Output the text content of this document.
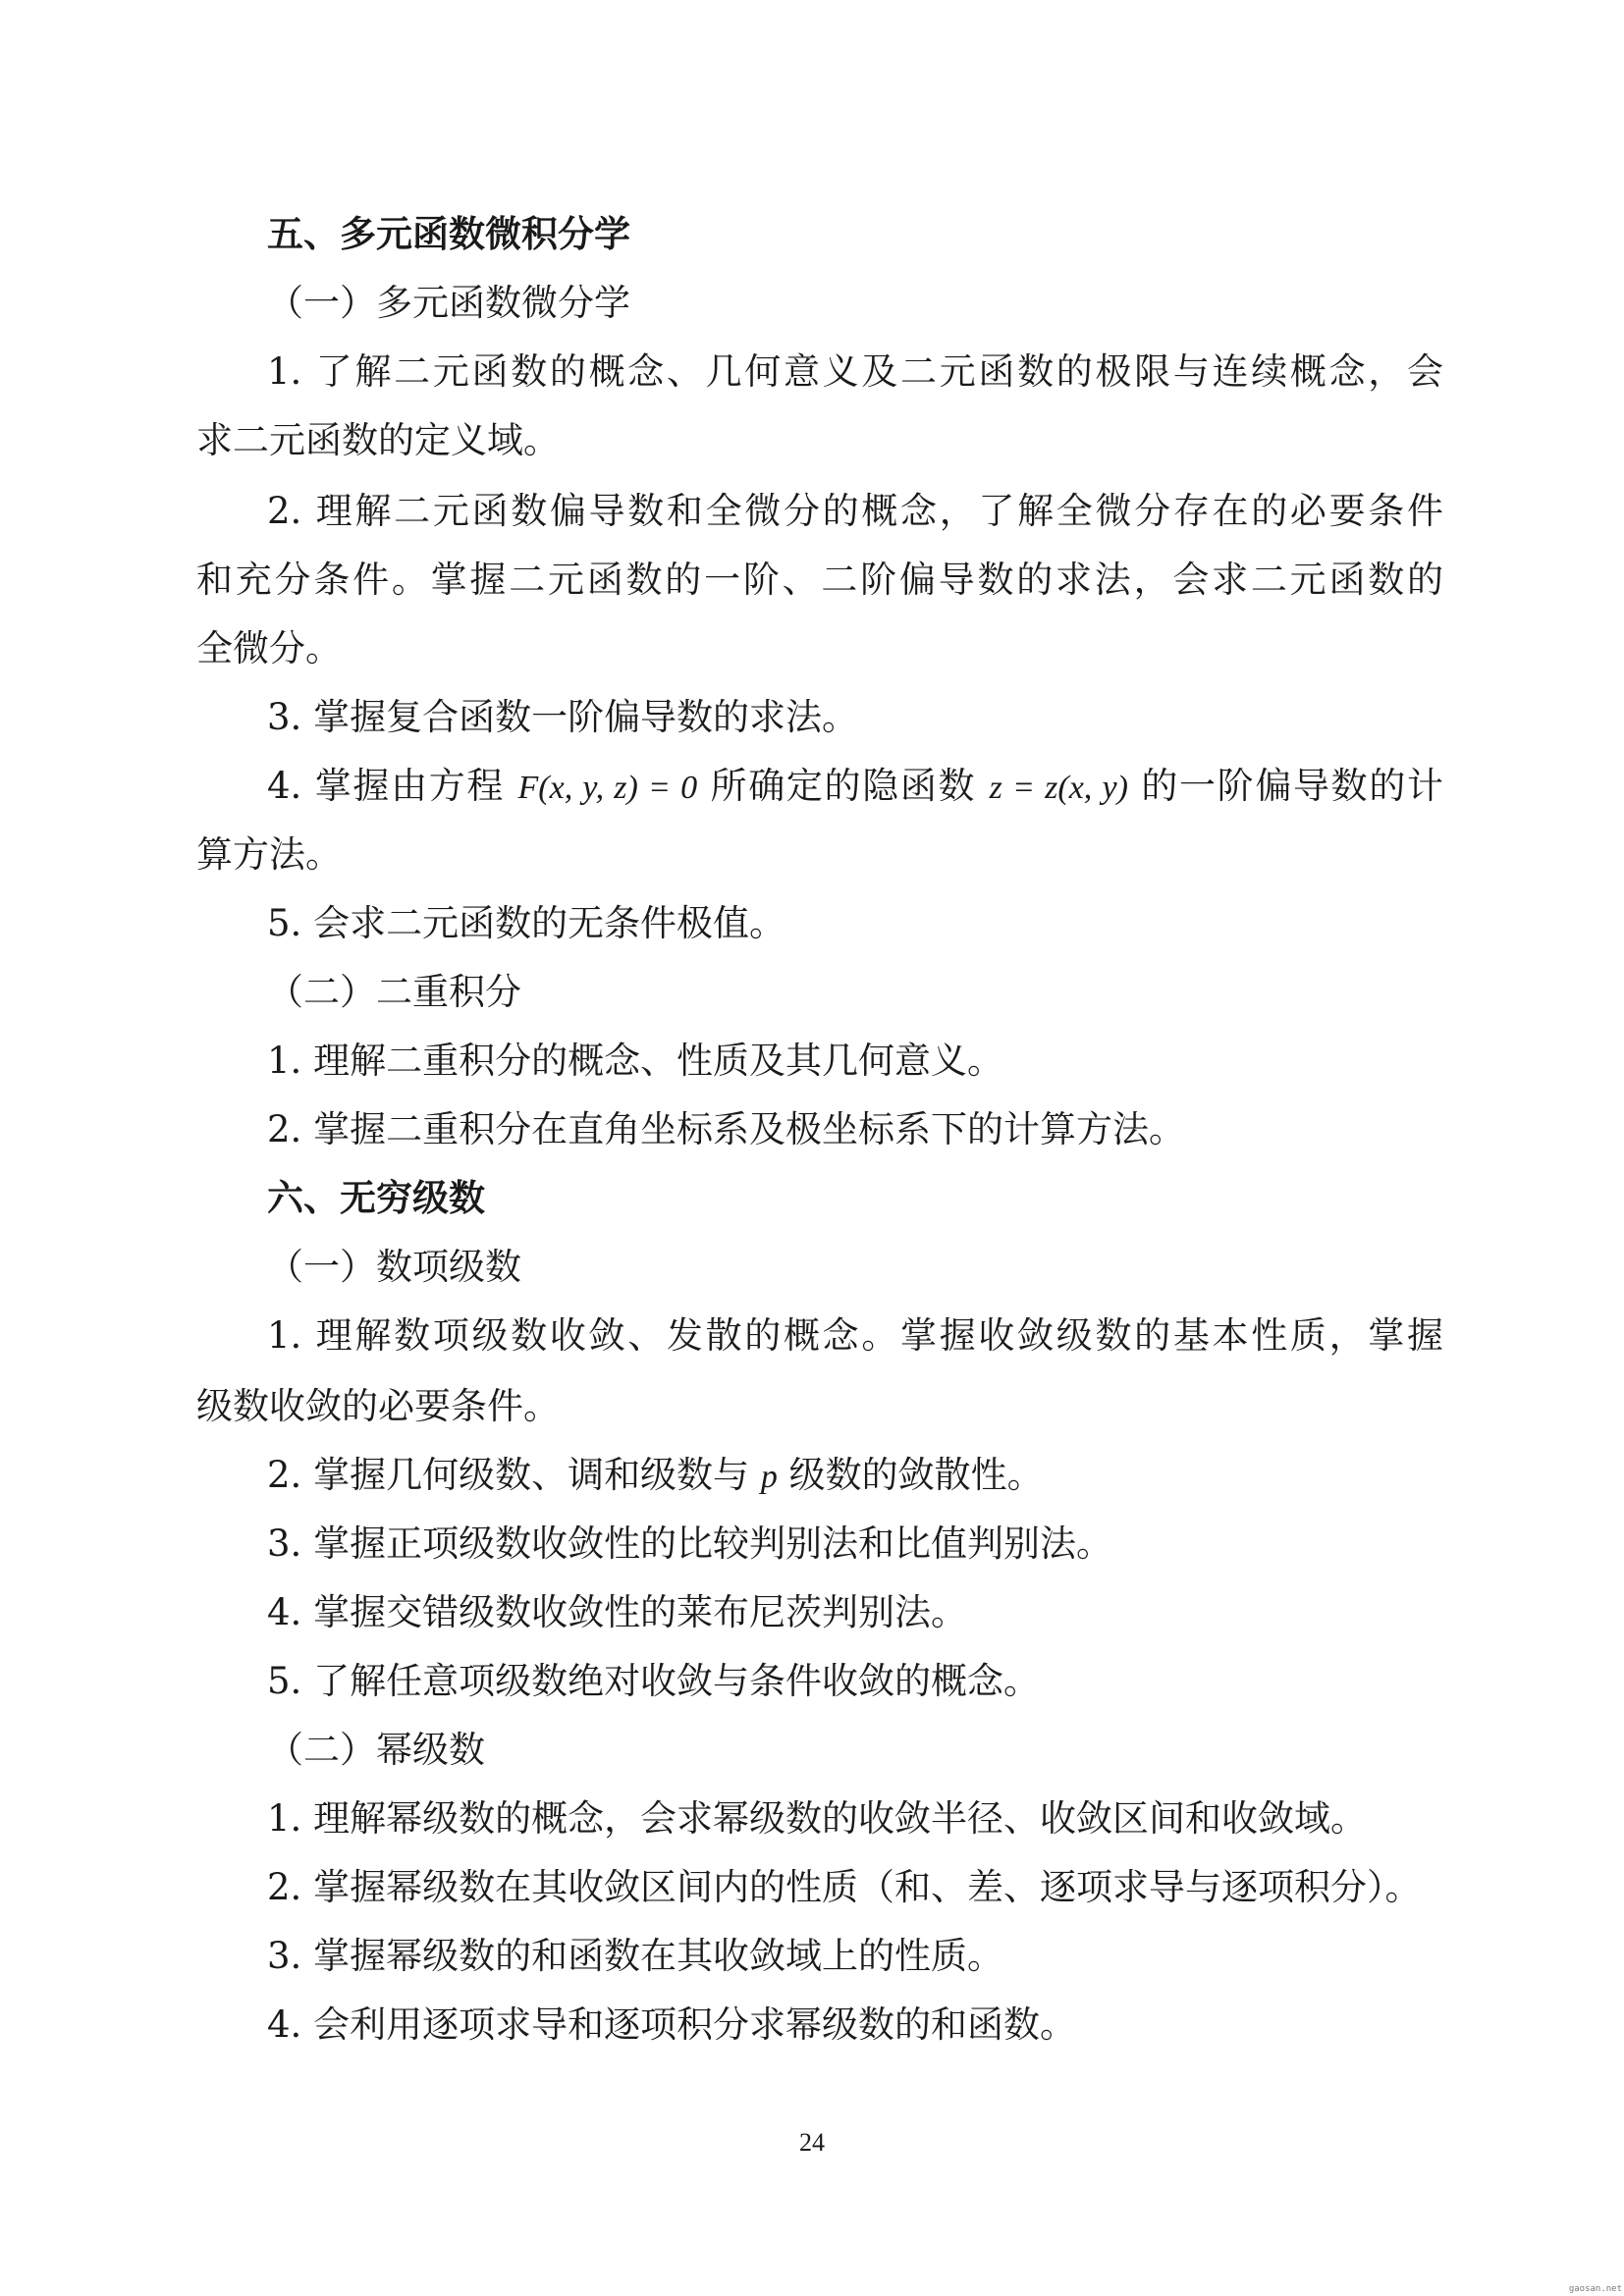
五、多元函数微积分学
（一）多元函数微分学
1. 了解二元函数的概念、几何意义及二元函数的极限与连续概念，会
求二元函数的定义域。
2. 理解二元函数偏导数和全微分的概念，了解全微分存在的必要条件
和充分条件。掌握二元函数的一阶、二阶偏导数的求法，会求二元函数的
全微分。
3. 掌握复合函数一阶偏导数的求法。
4. 掌握由方程 F(x, y, z) = 0 所确定的隐函数 z = z(x, y) 的一阶偏导数的计
算方法。
5. 会求二元函数的无条件极值。
（二）二重积分
1. 理解二重积分的概念、性质及其几何意义。
2. 掌握二重积分在直角坐标系及极坐标系下的计算方法。
六、无穷级数
（一）数项级数
1. 理解数项级数收敛、发散的概念。掌握收敛级数的基本性质，掌握
级数收敛的必要条件。
2. 掌握几何级数、调和级数与 p 级数的敛散性。
3. 掌握正项级数收敛性的比较判别法和比值判别法。
4. 掌握交错级数收敛性的莱布尼茨判别法。
5. 了解任意项级数绝对收敛与条件收敛的概念。
（二）幂级数
1. 理解幂级数的概念，会求幂级数的收敛半径、收敛区间和收敛域。
2. 掌握幂级数在其收敛区间内的性质（和、差、逐项求导与逐项积分）。
3. 掌握幂级数的和函数在其收敛域上的性质。
4. 会利用逐项求导和逐项积分求幂级数的和函数。
24
gaosan.net
